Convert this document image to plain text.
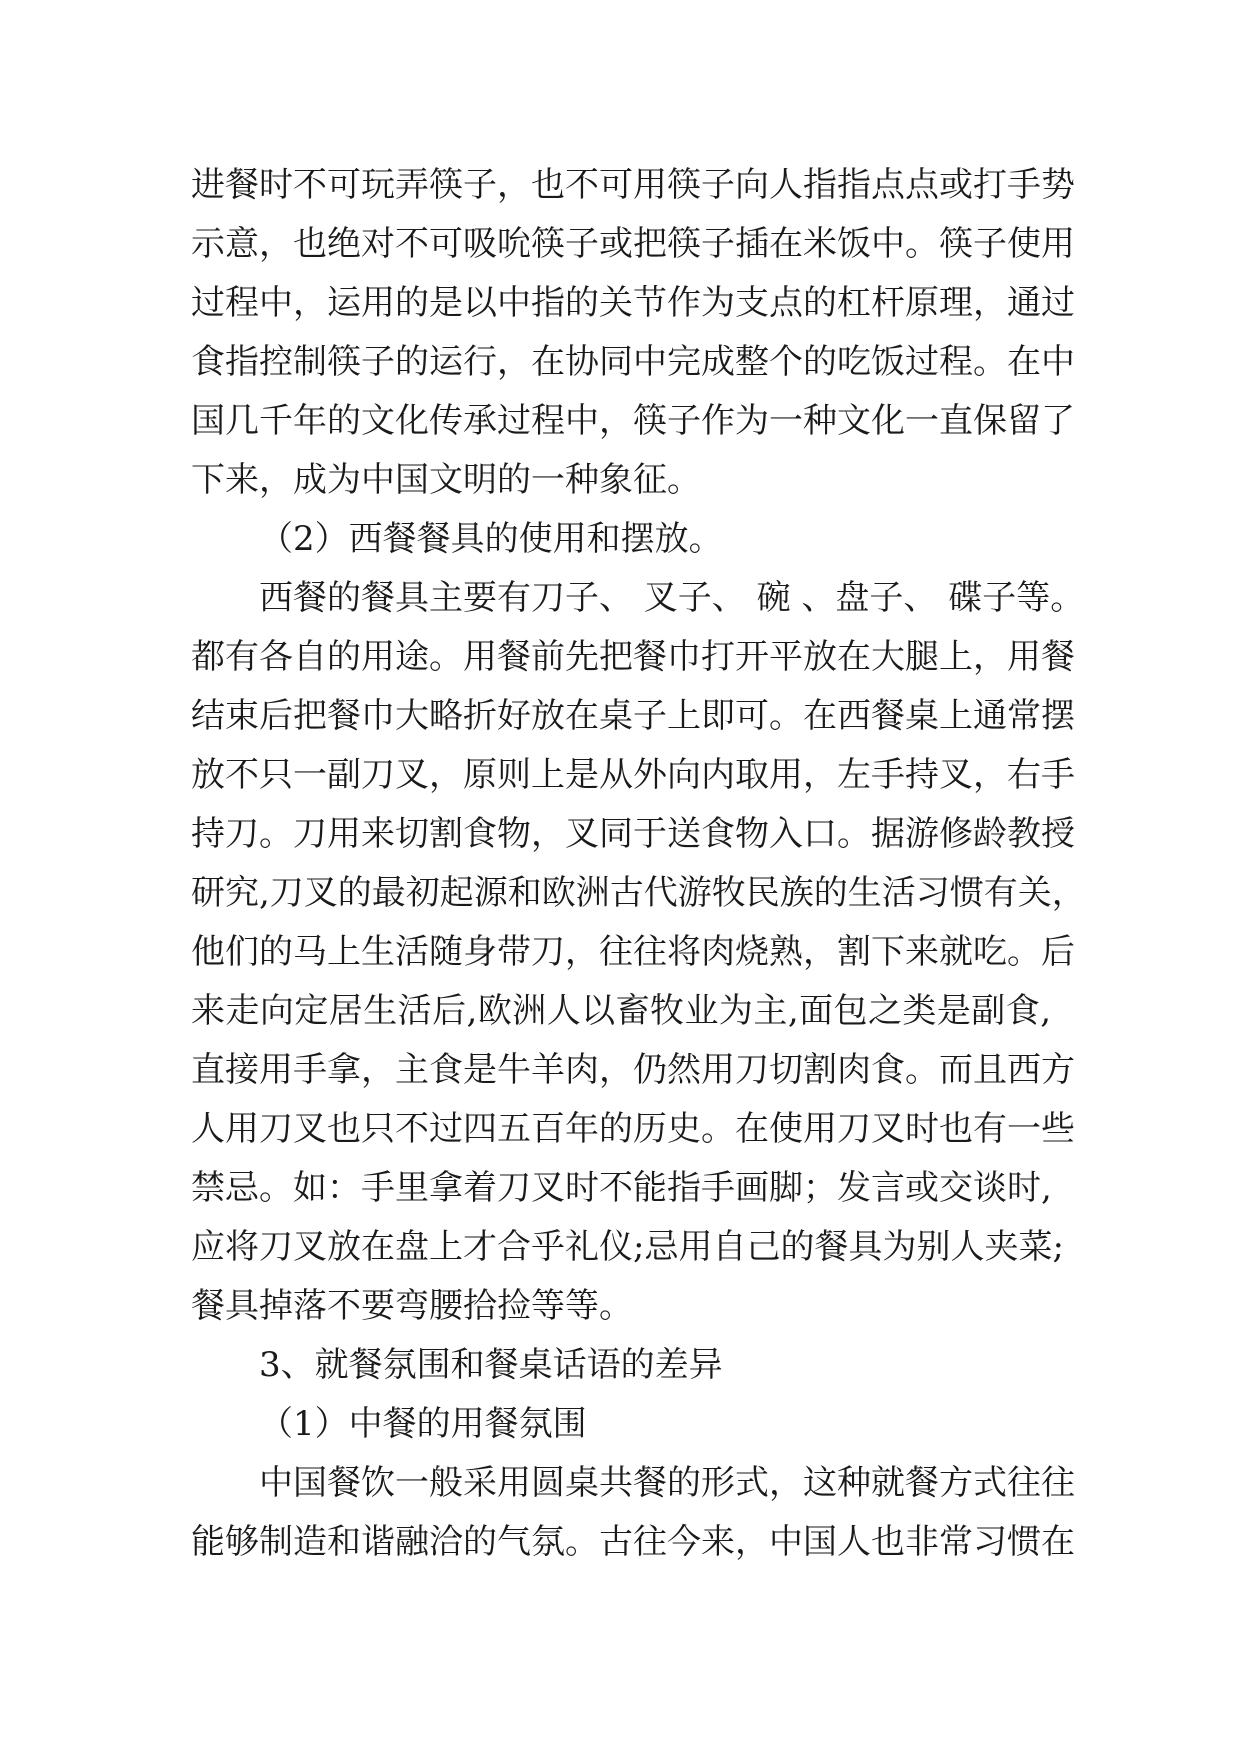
进餐时不可玩弄筷子，也不可用筷子向人指指点点或打手势
示意，也绝对不可吸吮筷子或把筷子插在米饭中。筷子使用
过程中，运用的是以中指的关节作为支点的杠杆原理，通过
食指控制筷子的运行，在协同中完成整个的吃饭过程。在中
国几千年的文化传承过程中，筷子作为一种文化一直保留了
下来，成为中国文明的一种象征。
（2）西餐餐具的使用和摆放。
西餐的餐具主要有刀子、 叉子、 碗 、盘子、 碟子等。
都有各自的用途。用餐前先把餐巾打开平放在大腿上，用餐
结束后把餐巾大略折好放在桌子上即可。在西餐桌上通常摆
放不只一副刀叉，原则上是从外向内取用，左手持叉，右手
持刀。刀用来切割食物，叉同于送食物入口。据游修龄教授
研究,刀叉的最初起源和欧洲古代游牧民族的生活习惯有关，
他们的马上生活随身带刀，往往将肉烧熟，割下来就吃。后
来走向定居生活后,欧洲人以畜牧业为主,面包之类是副食,
直接用手拿，主食是牛羊肉，仍然用刀切割肉食。而且西方
人用刀叉也只不过四五百年的历史。在使用刀叉时也有一些
禁忌。如：手里拿着刀叉时不能指手画脚；发言或交谈时,
应将刀叉放在盘上才合乎礼仪;忌用自己的餐具为别人夹菜;
餐具掉落不要弯腰拾捡等等。
3、就餐氛围和餐桌话语的差异
（1）中餐的用餐氛围
中国餐饮一般采用圆桌共餐的形式，这种就餐方式往往
能够制造和谐融洽的气氛。古往今来，中国人也非常习惯在
